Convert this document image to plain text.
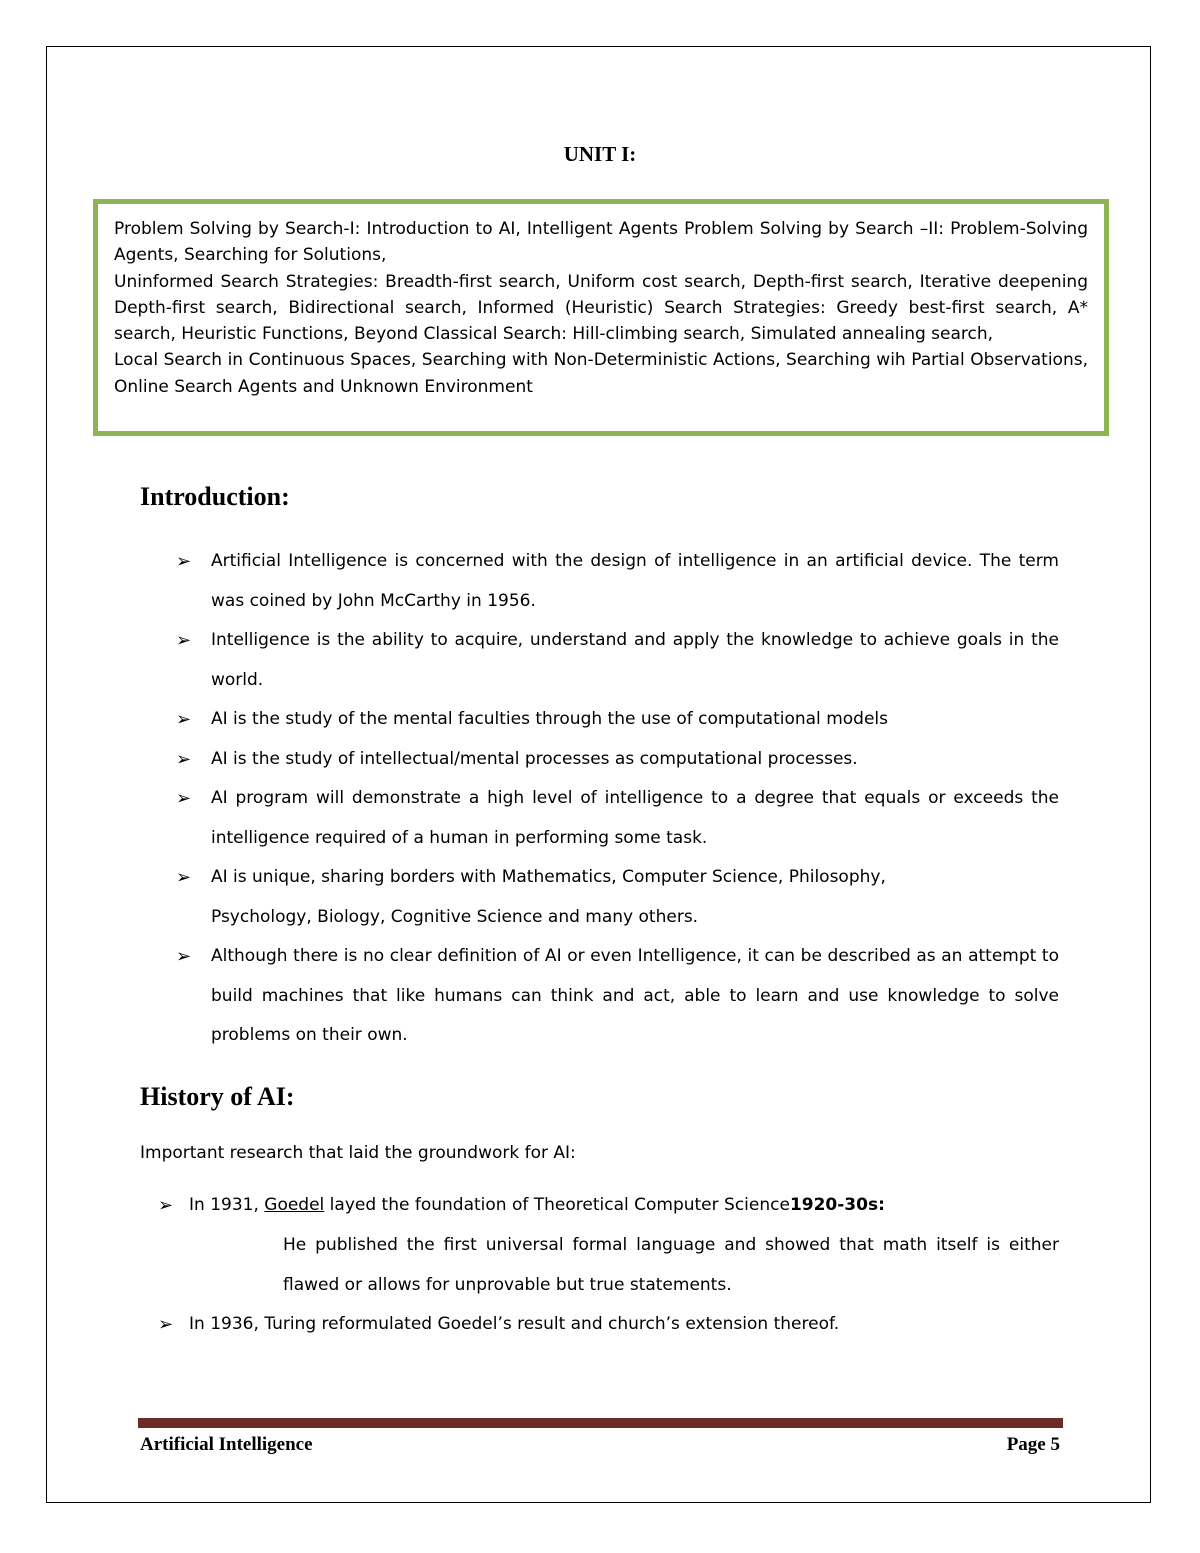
UNIT I:

Problem Solving by Search-I: Introduction to AI, Intelligent Agents Problem Solving by Search –II: Problem-Solving Agents, Searching for Solutions,

Uninformed Search Strategies: Breadth-first search, Uniform cost search, Depth-first search, Iterative deepening Depth-first search, Bidirectional search, Informed (Heuristic) Search Strategies: Greedy best-first search, A* search, Heuristic Functions, Beyond Classical Search: Hill-climbing search, Simulated annealing search,

Local Search in Continuous Spaces, Searching with Non-Deterministic Actions, Searching wih Partial Observations, Online Search Agents and Unknown Environment

Introduction:
➢ Artificial Intelligence is concerned with the design of intelligence in an artificial device. The term was coined by John McCarthy in 1956.
➢ Intelligence is the ability to acquire, understand and apply the knowledge to achieve goals in the world.
➢ AI is the study of the mental faculties through the use of computational models
➢ AI is the study of intellectual/mental processes as computational processes.
➢ AI program will demonstrate a high level of intelligence to a degree that equals or exceeds the intelligence required of a human in performing some task.
➢ AI is unique, sharing borders with Mathematics, Computer Science, Philosophy,
Psychology, Biology, Cognitive Science and many others.
➢ Although there is no clear definition of AI or even Intelligence, it can be described as an attempt to build machines that like humans can think and act, able to learn and use knowledge to solve problems on their own.
History of AI:
Important research that laid the groundwork for AI:
➢ In 1931, Goedel layed the foundation of Theoretical Computer Science1920-30s:
He published the first universal formal language and showed that math itself is either flawed or allows for unprovable but true statements.
➢ In 1936, Turing reformulated Goedel’s result and church’s extension thereof.
Artificial Intelligence	Page 5
